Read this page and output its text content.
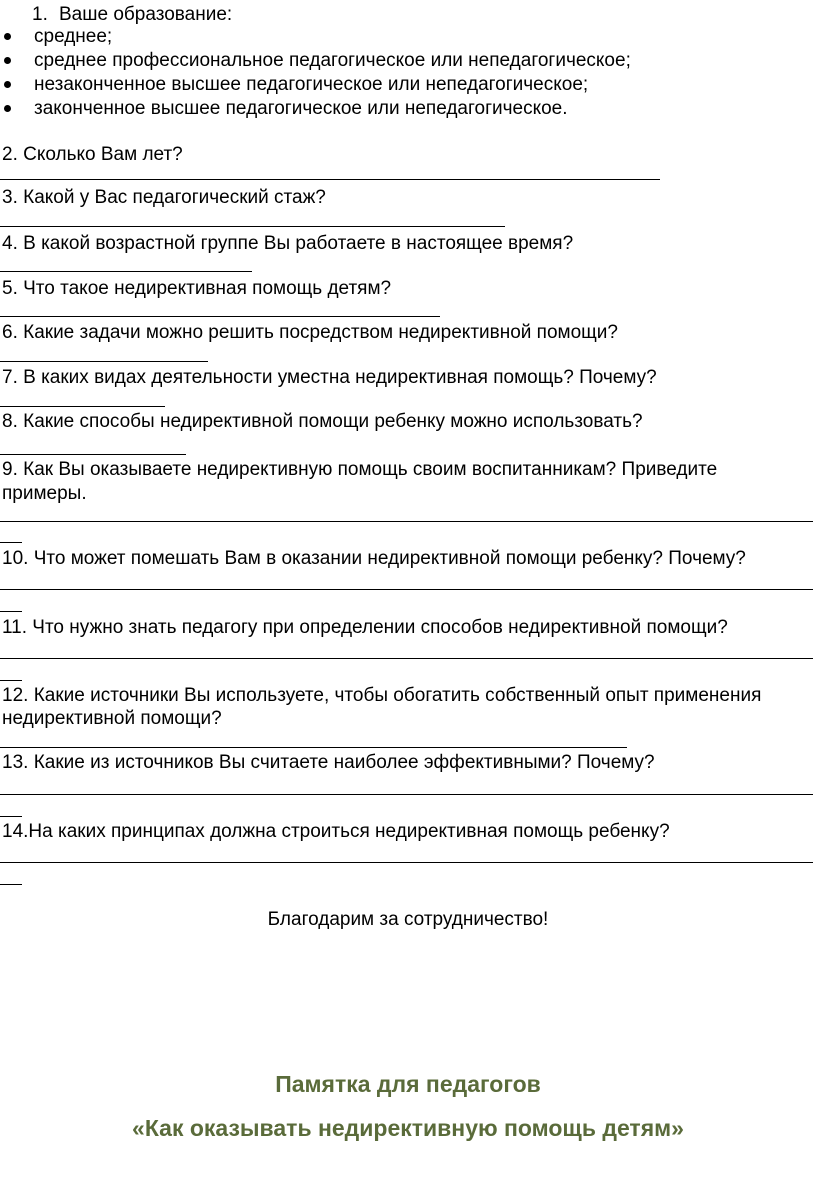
1. Ваше образование:
среднее;
среднее профессиональное педагогическое или непедагогическое;
незаконченное высшее педагогическое или непедагогическое;
законченное высшее педагогическое или непедагогическое.
2. Сколько Вам лет?
3. Какой у Вас педагогический стаж?
4. В какой возрастной группе Вы работаете в настоящее время?
5. Что такое недирективная помощь детям?
6. Какие задачи можно решить посредством недирективной помощи?
7. В каких видах деятельности уместна недирективная помощь? Почему?
8. Какие способы недирективной помощи ребенку можно использовать?
9. Как Вы оказываете недирективную помощь своим воспитанникам? Приведите
примеры.
10. Что может помешать Вам в оказании недирективной помощи ребенку? Почему?
11. Что нужно знать педагогу при определении способов недирективной помощи?
12. Какие источники Вы используете, чтобы обогатить собственный опыт применения
недирективной помощи?
13. Какие из источников Вы считаете наиболее эффективными? Почему?
14.На каких принципах должна строиться недирективная помощь ребенку?
Благодарим за сотрудничество!
Памятка для педагогов
«Как оказывать недирективную помощь детям»
